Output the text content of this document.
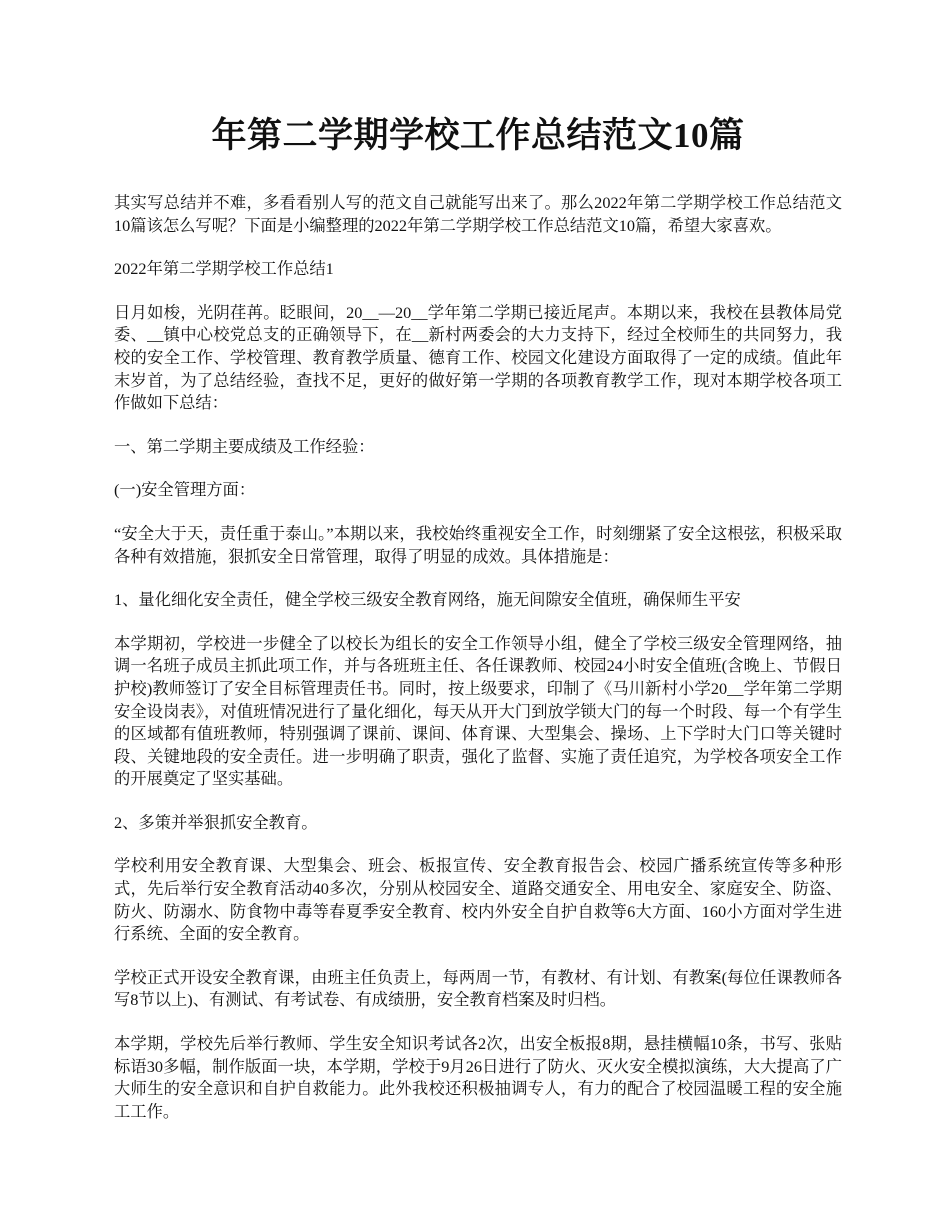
年第二学期学校工作总结范文10篇

其实写总结并不难，多看看别人写的范文自己就能写出来了。那么2022年第二学期学校工作总结范文10篇该怎么写呢？下面是小编整理的2022年第二学期学校工作总结范文10篇，希望大家喜欢。

2022年第二学期学校工作总结1

日月如梭，光阴荏苒。眨眼间，20__—20__学年第二学期已接近尾声。本期以来，我校在县教体局党委、__镇中心校党总支的正确领导下，在__新村两委会的大力支持下，经过全校师生的共同努力，我校的安全工作、学校管理、教育教学质量、德育工作、校园文化建设方面取得了一定的成绩。值此年末岁首，为了总结经验，查找不足，更好的做好第一学期的各项教育教学工作，现对本期学校各项工作做如下总结：

一、第二学期主要成绩及工作经验：

(一)安全管理方面：

“安全大于天，责任重于泰山。”本期以来，我校始终重视安全工作，时刻绷紧了安全这根弦，积极采取各种有效措施，狠抓安全日常管理，取得了明显的成效。具体措施是：

1、量化细化安全责任，健全学校三级安全教育网络，施无间隙安全值班，确保师生平安

本学期初，学校进一步健全了以校长为组长的安全工作领导小组，健全了学校三级安全管理网络，抽调一名班子成员主抓此项工作，并与各班班主任、各任课教师、校园24小时安全值班(含晚上、节假日护校)教师签订了安全目标管理责任书。同时，按上级要求，印制了《马川新村小学20__学年第二学期安全设岗表》，对值班情况进行了量化细化，每天从开大门到放学锁大门的每一个时段、每一个有学生的区域都有值班教师，特别强调了课前、课间、体育课、大型集会、操场、上下学时大门口等关键时段、关键地段的安全责任。进一步明确了职责，强化了监督、实施了责任追究，为学校各项安全工作的开展奠定了坚实基础。

2、多策并举狠抓安全教育。

学校利用安全教育课、大型集会、班会、板报宣传、安全教育报告会、校园广播系统宣传等多种形式，先后举行安全教育活动40多次，分别从校园安全、道路交通安全、用电安全、家庭安全、防盗、防火、防溺水、防食物中毒等春夏季安全教育、校内外安全自护自救等6大方面、160小方面对学生进行系统、全面的安全教育。

学校正式开设安全教育课，由班主任负责上，每两周一节，有教材、有计划、有教案(每位任课教师各写8节以上)、有测试、有考试卷、有成绩册，安全教育档案及时归档。

本学期，学校先后举行教师、学生安全知识考试各2次，出安全板报8期，悬挂横幅10条，书写、张贴标语30多幅，制作版面一块，本学期，学校于9月26日进行了防火、灭火安全模拟演练，大大提高了广大师生的安全意识和自护自救能力。此外我校还积极抽调专人，有力的配合了校园温暖工程的安全施工工作。
